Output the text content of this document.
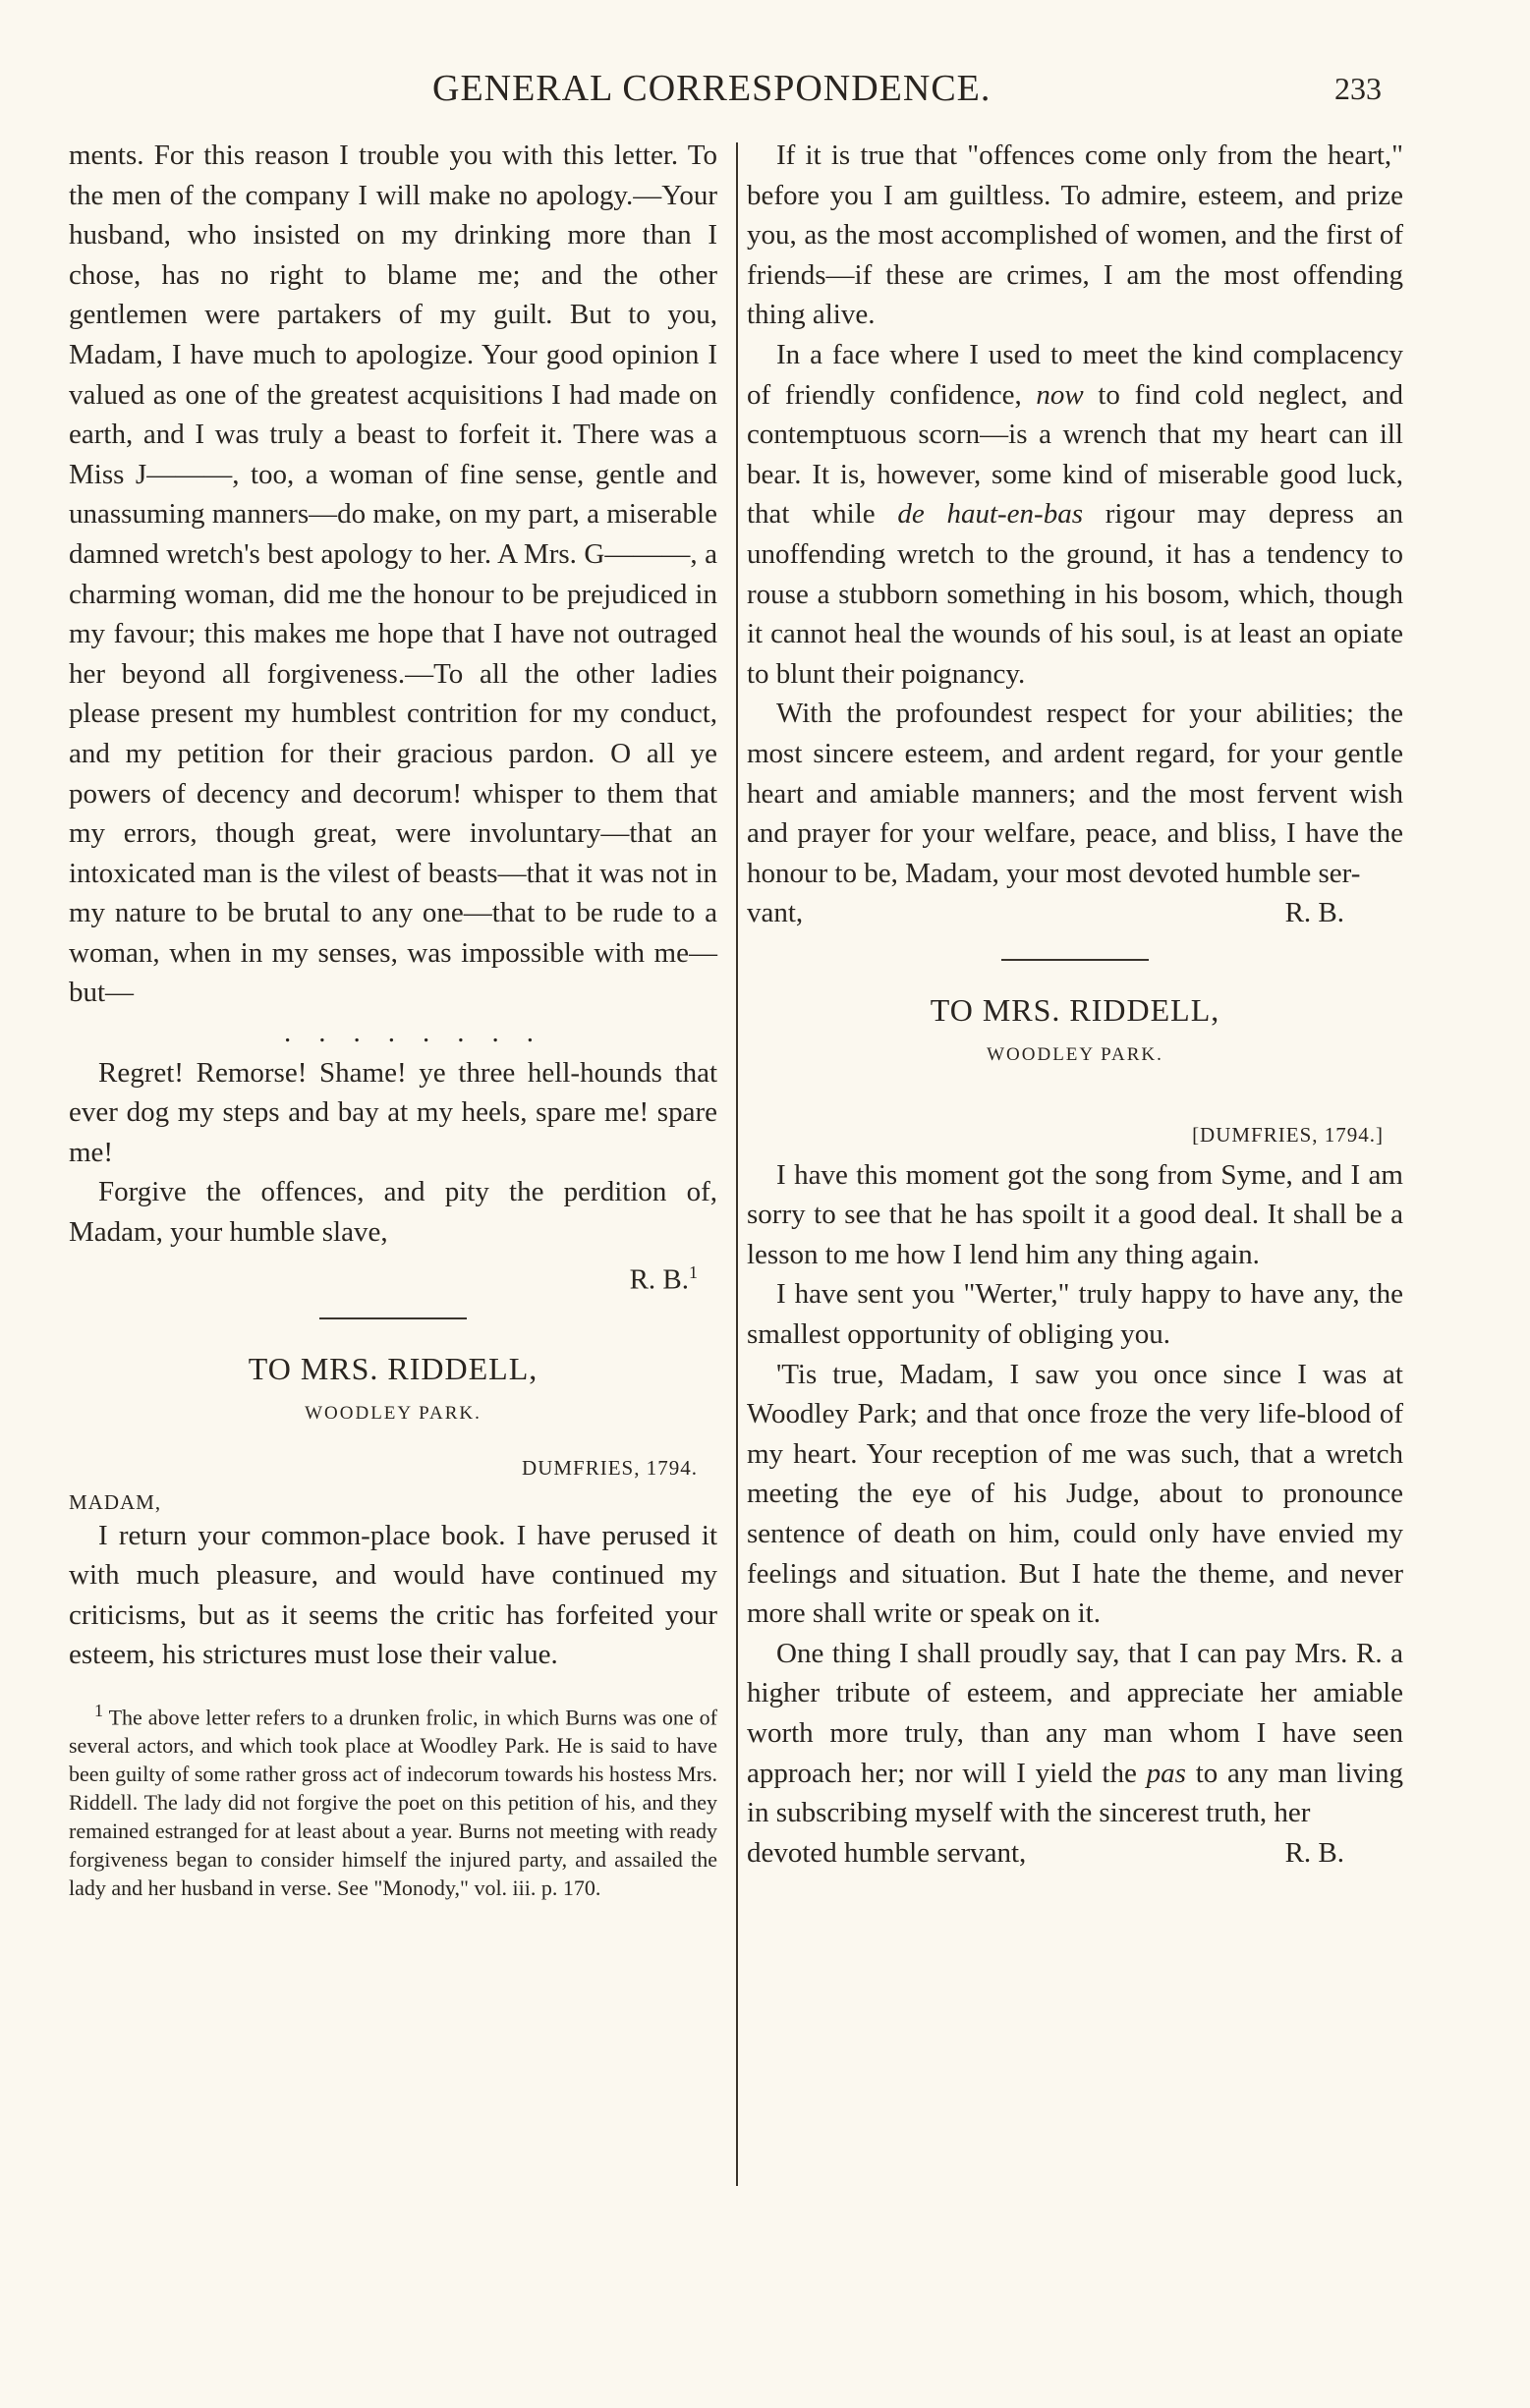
GENERAL CORRESPONDENCE.	233

ments. For this reason I trouble you with this letter. To the men of the company I will make no apology.—Your husband, who insisted on my drinking more than I chose, has no right to blame me; and the other gentlemen were partakers of my guilt. But to you, Madam, I have much to apologize. Your good opinion I valued as one of the greatest acquisitions I had made on earth, and I was truly a beast to forfeit it. There was a Miss J———, too, a woman of fine sense, gentle and unassuming manners—do make, on my part, a miserable damned wretch's best apology to her. A Mrs. G———, a charming woman, did me the honour to be prejudiced in my favour; this makes me hope that I have not outraged her beyond all forgiveness.—To all the other ladies please present my humblest contrition for my conduct, and my petition for their gracious pardon. O all ye powers of decency and decorum! whisper to them that my errors, though great, were involuntary—that an intoxicated man is the vilest of beasts—that it was not in my nature to be brutal to any one—that to be rude to a woman, when in my senses, was impossible with me—but—

........

Regret! Remorse! Shame! ye three hell-hounds that ever dog my steps and bay at my heels, spare me! spare me!

Forgive the offences, and pity the perdition of, Madam, your humble slave,

R. B.$^1$

TO MRS. RIDDELL,
WOODLEY PARK.

DUMFRIES, 1794.

MADAM,

I return your common-place book. I have perused it with much pleasure, and would have continued my criticisms, but as it seems the critic has forfeited your esteem, his strictures must lose their value.

$^1$ The above letter refers to a drunken frolic, in which Burns was one of several actors, and which took place at Woodley Park. He is said to have been guilty of some rather gross act of indecorum towards his hostess Mrs. Riddell. The lady did not forgive the poet on this petition of his, and they remained estranged for at least about a year. Burns not meeting with ready forgiveness began to consider himself the injured party, and assailed the lady and her husband in verse. See "Monody," vol. iii. p. 170.

If it is true that "offences come only from the heart," before you I am guiltless. To admire, esteem, and prize you, as the most accomplished of women, and the first of friends—if these are crimes, I am the most offending thing alive.

In a face where I used to meet the kind complacency of friendly confidence, now to find cold neglect, and contemptuous scorn—is a wrench that my heart can ill bear. It is, however, some kind of miserable good luck, that while de haut-en-bas rigour may depress an unoffending wretch to the ground, it has a tendency to rouse a stubborn something in his bosom, which, though it cannot heal the wounds of his soul, is at least an opiate to blunt their poignancy.

With the profoundest respect for your abilities; the most sincere esteem, and ardent regard, for your gentle heart and amiable manners; and the most fervent wish and prayer for your welfare, peace, and bliss, I have the honour to be, Madam, your most devoted humble ser-

vant,	R. B.

TO MRS. RIDDELL,
WOODLEY PARK.

[DUMFRIES, 1794.]

I have this moment got the song from Syme, and I am sorry to see that he has spoilt it a good deal. It shall be a lesson to me how I lend him any thing again.

I have sent you "Werter," truly happy to have any, the smallest opportunity of obliging you.

'Tis true, Madam, I saw you once since I was at Woodley Park; and that once froze the very life-blood of my heart. Your reception of me was such, that a wretch meeting the eye of his Judge, about to pronounce sentence of death on him, could only have envied my feelings and situation. But I hate the theme, and never more shall write or speak on it.

One thing I shall proudly say, that I can pay Mrs. R. a higher tribute of esteem, and appreciate her amiable worth more truly, than any man whom I have seen approach her; nor will I yield the pas to any man living in subscribing myself with the sincerest truth, her

devoted humble servant,	R. B.
